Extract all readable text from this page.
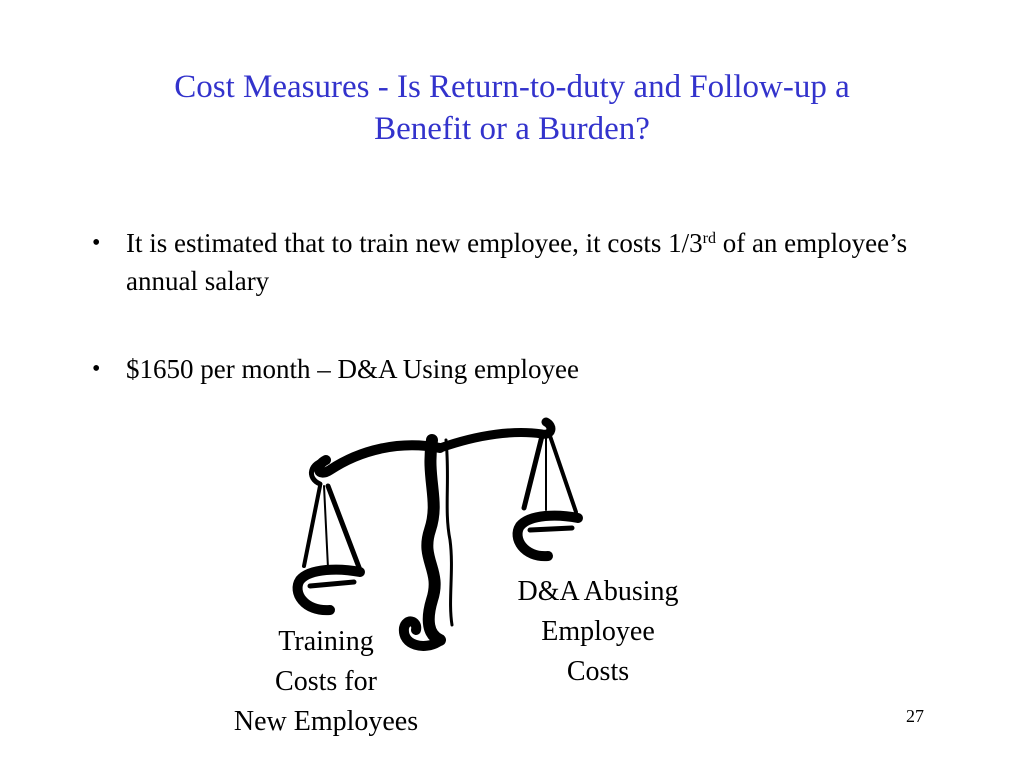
Cost Measures - Is Return-to-duty and Follow-up a
Benefit or a Burden?
• It is estimated that to train new employee, it costs 1/3rd of an employee’s annual salary
• $1650 per month – D&A Using employee
Training
Costs for
New Employees
D&A Abusing
Employee
Costs
27
